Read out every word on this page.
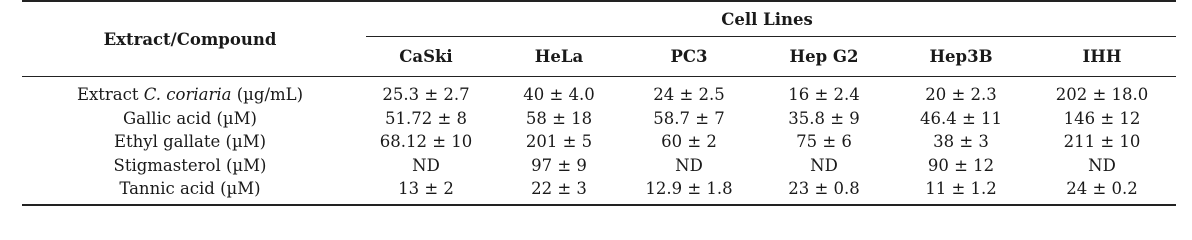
Extract/Compound	Cell Lines					
	CaSki	HeLa	PC3	Hep G2	Hep3B	IHH
Extract C. coriaria (µg/mL)	25.3 ± 2.7	40 ± 4.0	24 ± 2.5	16 ± 2.4	20 ± 2.3	202 ± 18.0
Gallic acid (µM)	51.72 ± 8	58 ± 18	58.7 ± 7	35.8 ± 9	46.4 ± 11	146 ± 12
Ethyl gallate (µM)	68.12 ± 10	201 ± 5	60 ± 2	75 ± 6	38 ± 3	211 ± 10
Stigmasterol (µM)	ND	97 ± 9	ND	ND	90 ± 12	ND
Tannic acid (µM)	13 ± 2	22 ± 3	12.9 ± 1.8	23 ± 0.8	11 ± 1.2	24 ± 0.2
